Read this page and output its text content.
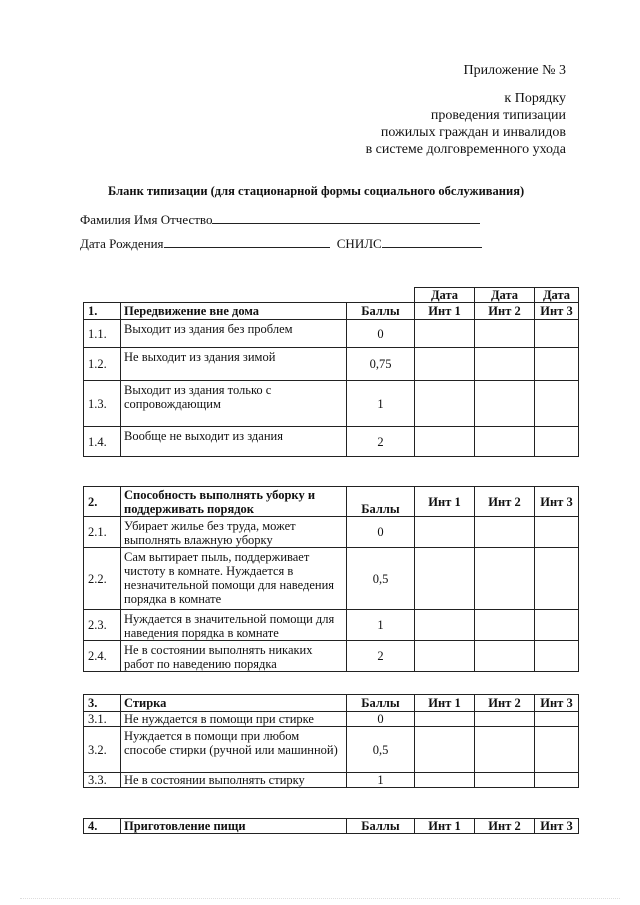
Приложение № 3
к Порядку
проведения типизации
пожилых граждан и инвалидов
в системе долговременного ухода
Бланк типизации (для стационарной формы социального обслуживания)
Фамилия Имя Отчество
Дата Рождения	СНИЛС
			Дата	Дата	Дата
1.	Передвижение вне дома	Баллы	Инт 1	Инт 2	Инт 3
1.1.	Выходит из здания без проблем	0			
1.2.	Не выходит из здания зимой	0,75			
1.3.	Выходит из здания только с сопровождающим	1			
1.4.	Вообще не выходит из здания	2			
2.	Способность выполнять уборку и поддерживать порядок	Баллы	Инт 1	Инт 2	Инт 3
2.1.	Убирает жилье без труда, может выполнять влажную уборку	0			
2.2.	Сам вытирает пыль, поддерживает чистоту в комнате. Нуждается в незначительной помощи для наведения порядка в комнате	0,5			
2.3.	Нуждается в значительной помощи для наведения порядка в комнате	1			
2.4.	Не в состоянии выполнять никаких работ по наведению порядка	2			
3.	Стирка	Баллы	Инт 1	Инт 2	Инт 3
3.1.	Не нуждается в помощи при стирке	0			
3.2.	Нуждается в помощи при любом способе стирки (ручной или машинной)	0,5			
3.3.	Не в состоянии выполнять стирку	1			
4.	Приготовление пищи	Баллы	Инт 1	Инт 2	Инт 3
